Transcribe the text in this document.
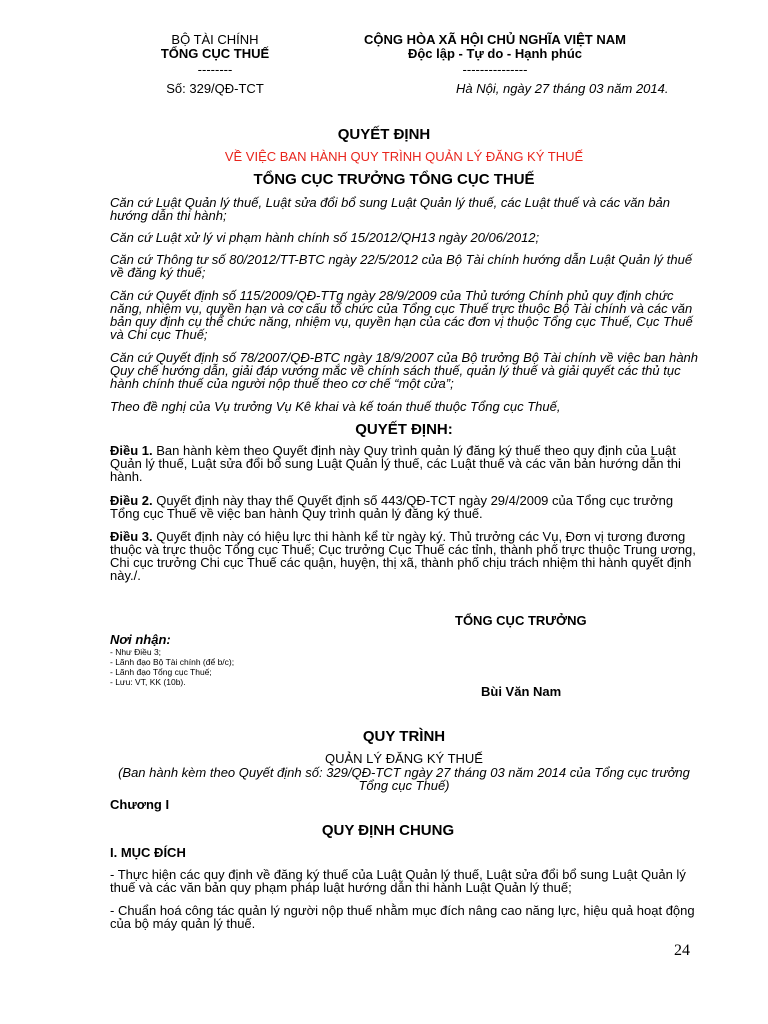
BỘ TÀI CHÍNH
TỔNG CỤC THUẾ
--------
Số: 329/QĐ-TCT
CỘNG HÒA XÃ HỘI CHỦ NGHĨA VIỆT NAM
Độc lập - Tự do - Hạnh phúc
---------------
Hà Nội, ngày 27 tháng 03 năm 2014.
QUYẾT ĐỊNH
VỀ VIỆC BAN HÀNH QUY TRÌNH QUẢN LÝ ĐĂNG KÝ THUẾ
TỔNG CỤC TRƯỞNG TỔNG CỤC THUẾ
Căn cứ Luật Quản lý thuế, Luật sửa đổi bổ sung Luật Quản lý thuế, các Luật thuế và các văn bản
hướng dẫn thi hành;
Căn cứ Luật xử lý vi phạm hành chính số 15/2012/QH13 ngày 20/06/2012;
Căn cứ Thông tư số 80/2012/TT-BTC ngày 22/5/2012 của Bộ Tài chính hướng dẫn Luật Quản lý thuế
về đăng ký thuế;
Căn cứ Quyết định số 115/2009/QĐ-TTg ngày 28/9/2009 của Thủ tướng Chính phủ quy định chức
năng, nhiệm vụ, quyền hạn và cơ cấu tổ chức của Tổng cục Thuế trực thuộc Bộ Tài chính và các văn
bản quy định cụ thể chức năng, nhiệm vụ, quyền hạn của các đơn vị thuộc Tổng cục Thuế, Cục Thuế
và Chi cục Thuế;
Căn cứ Quyết định số 78/2007/QĐ-BTC ngày 18/9/2007 của Bộ trưởng Bộ Tài chính về việc ban hành
Quy chế hướng dẫn, giải đáp vướng mắc về chính sách thuế, quản lý thuế và giải quyết các thủ tục
hành chính thuế của người nộp thuế theo cơ chế “một cửa”;
Theo đề nghị của Vụ trưởng Vụ Kê khai và kế toán thuế thuộc Tổng cục Thuế,
QUYẾT ĐỊNH:
Điều 1. Ban hành kèm theo Quyết định này Quy trình quản lý đăng ký thuế theo quy định của Luật
Quản lý thuế, Luật sửa đổi bổ sung Luật Quản lý thuế, các Luật thuế và các văn bản hướng dẫn thi
hành.
Điều 2. Quyết định này thay thế Quyết định số 443/QĐ-TCT ngày 29/4/2009 của Tổng cục trưởng
Tổng cục Thuế về việc ban hành Quy trình quản lý đăng ký thuế.
Điều 3. Quyết định này có hiệu lực thi hành kể từ ngày ký. Thủ trưởng các Vụ, Đơn vị tương đương
thuộc và trực thuộc Tổng cục Thuế; Cục trưởng Cục Thuế các tỉnh, thành phố trực thuộc Trung ương,
Chi cục trưởng Chi cục Thuế các quận, huyện, thị xã, thành phố chịu trách nhiệm thi hành quyết định
này./.
TỔNG CỤC TRƯỞNG
Bùi Văn Nam
Nơi nhận:
- Như Điều 3;
- Lãnh đạo Bộ Tài chính (để b/c);
- Lãnh đạo Tổng cục Thuế;
- Lưu: VT, KK (10b).
QUY TRÌNH
QUẢN LÝ ĐĂNG KÝ THUẾ
(Ban hành kèm theo Quyết định số: 329/QĐ-TCT ngày 27 tháng 03 năm 2014 của Tổng cục trưởng
Tổng cục Thuế)
Chương I
QUY ĐỊNH CHUNG
I. MỤC ĐÍCH
- Thực hiện các quy định về đăng ký thuế của Luật Quản lý thuế, Luật sửa đổi bổ sung Luật Quản lý
thuế và các văn bản quy phạm pháp luật hướng dẫn thi hành Luật Quản lý thuế;
- Chuẩn hoá công tác quản lý người nộp thuế nhằm mục đích nâng cao năng lực, hiệu quả hoạt động
của bộ máy quản lý thuế.
24
